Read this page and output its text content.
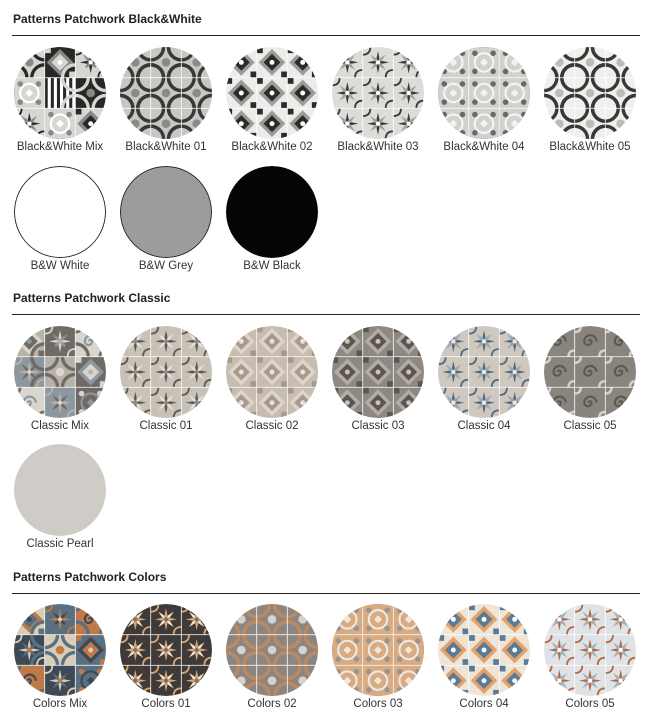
Patterns Patchwork Black&White
Black&White Mix	Black&White 01	Black&White 02	Black&White 03	Black&White 04	Black&White 05
B&W White	B&W Grey	B&W Black
Patterns Patchwork Classic
Classic Mix	Classic 01	Classic 02	Classic 03	Classic 04	Classic 05
Classic Pearl
Patterns Patchwork Colors
Colors Mix	Colors 01	Colors 02	Colors 03	Colors 04	Colors 05
